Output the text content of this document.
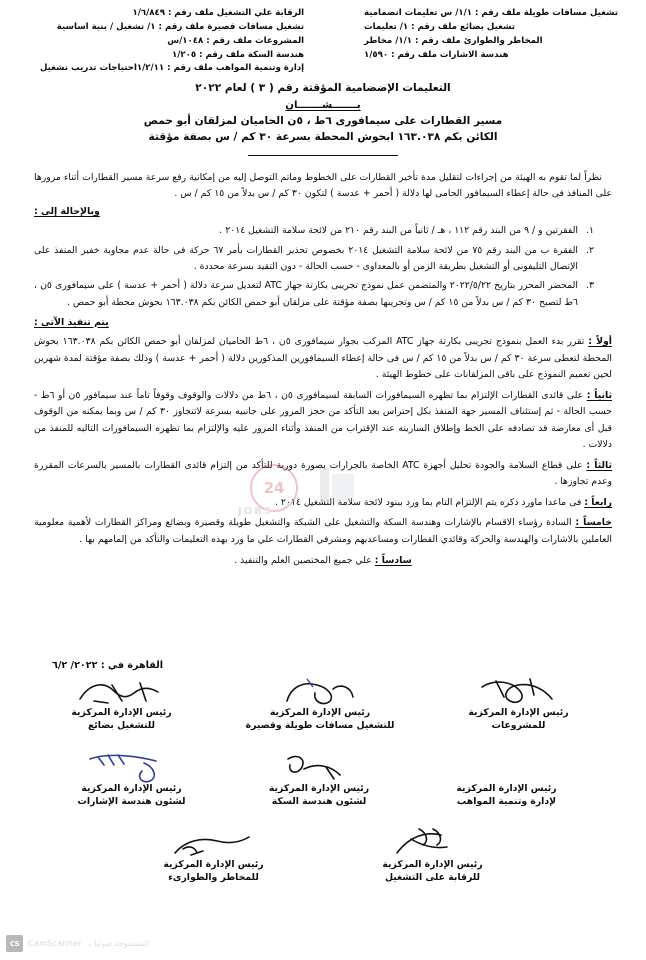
الرقابة علي التشغيل ملف رقم : ١/٦/٨٤٩
تشغيل مسافات قصيرة ملف رقم : ١/ تشغيل / بنية اساسية
المشروعات ملف رقم : ١٠٤٨/س
هندسة السكة ملف رقم : ١/٢٠٥
إدارة وتنمية المواهب ملف رقم : ١/٢/١١احتياجات تدريب تشغيل
تشغيل مسافات طويلة ملف رقم : ١/١/ س تعليمات انضمامية
تشغيل بضائع ملف رقم : ١/ تعليمات
المخاطر والطوارئ ملف رقم : ١/١/ مخاطر
هندسة الاشارات ملف رقم : ١/٥٩٠
التعليمات الإضضامية المؤقتة رقم ( ٣ ) لعام ٢٠٢٢
بـــــــشـــــــان
مسير القطارات على سيمافورى ٦ط ، ٥ن الحاميان لمزلقان أبو حمص
الكائن بكم ١٦٣.٠٣٨ ابحوش المحطة بسرعة ٣٠ كم / س بصفة مؤقتة
نظراً لما تقوم به الهيئة من إجراءات لتقليل مدة تأخير القطارات على الخطوط وماتم التوصل إليه من إمكانية رفع سرعة مسير القطارات أثناء مرورها على المنافذ فى حالة إعطاء السيمافور الحامى لها دلالة ( أحمر + عدسة ) لتكون ٣٠ كم / س بدلاً من ١٥ كم / س .
وبالإحالة إلى :
الفقرتين و / ٩ من البند رقم ١١٢ ، هـ / ثانياً من البند رقم ٢١٠ من لائحة سلامة التشغيل ٢٠١٤ .
الفقرة ب من البند رقم ٧٥ من لائحة سلامة التشغيل ٢٠١٤ بخصوص تحذير القطارات بأمر ٦٧ حركة فى حالة عدم مجاوبة خفير المنفذ على الإتصال التليفونى أو التشغيل بطريقة الزمن أو بالمعداوى - حسب الحالة - دون التقيد بسرعة محددة .
المحضر المحرر بتاريخ ٢٠٢٢/٥/٢٢ والمتضمن عمل نموذج تجريبى بكارتة جهاز ATC لتعديل سرعة دلالة ( أحمر + عدسة ) على سيمافورى ٥ن ، ٦ط لتصبح ٣٠ كم / س بدلاً من ١٥ كم / س وتجريبها بصفة مؤقتة على مزلقان أبو حمص الكائن بكم ١٦٣.٠٣٨ بحوش محطة أبو حمص .
يتم تنفيذ الآتى :
أولاً : تقرر بدء العمل بنموذج تجريبى بكارتة جهاز ATC المركب بجوار سيمافورى ٥ن ، ٦ط الحاميان لمزلقان أبو حمص الكائن بكم ١٦٣.٠٣٨ بحوش المحطة لتعطى سرعة ٣٠ كم / س بدلاً من ١٥ كم / س فى حالة إعطاء السيمافورين المذكورين دلالة ( أحمر + عدسة ) وذلك بصفة مؤقتة لمدة شهرين لحين تعميم النموذج على باقى المزلقانات على خطوط الهيئة .
ثانياً : على قائدى القطارات الإلتزام بما تظهره السيمافورات السابقة لسيمافورى ٥ن ، ٦ط من دلالات والوقوف وقوفاً تاماً عند سيمافور ٥ن أو ٦ط - حسب الحالة - ثم إستئناف المسير جهة المنفذ بكل إحتراس بعد التأكد من حجز المرور على جانبيه بسرعة لاتتجاوز ٣٠ كم / س وبما يمكنه من الوقوف قبل أى معارضة قد تصادفه على الخط وإطلاق السارينه عند الإقتراب من المنفذ وأثناء المرور عليه والإلتزام بما تظهره السيمافورات التاليه للمنفذ من دلالات .
ثالثاً : على قطاع السلامة والجودة تحليل أجهزة ATC الخاصة بالجرارات بصورة دورية للتأكد من إلتزام قائدى القطارات بالمسير بالسرعات المقررة وعدم تجاوزها .
رابعاً : فى ماعدا ماورد ذكره يتم الإلتزام التام بما ورد ببنود لائحة سلامة التشغيل ٢٠١٤ .
خامساً : السادة رؤساء الاقسام بالإشارات وهندسة السكة والتشغيل على الشبكة والتشغيل طويلة وقصيرة وبضائع ومراكز القطارات لأهمية معلومية العاملين بالاشارات والهندسة والحركة وقائدي القطارات ومساعديهم ومشرفي القطارات علي ما ورد بهذه التعليمات والتأكد من إلمامهم بها .
سادساً : علي جميع المختصين العلم والتنفيذ .
24
JOBS
القاهرة في : ٢٠٢٢/ ٦/٢
رئيس الإدارة المركزية
للتشغيل بضائع
رئيس الإدارة المركزية
للتشغيل مسافات طويلة وقصيرة
رئيس الإدارة المركزية
للمشروعات
رئيس الإدارة المركزية
لشئون هندسة الإشارات
رئيس الإدارة المركزية
لشئون هندسة السكة
رئيس الإدارة المركزية
لإدارة وتنمية المواهب
رئيس الإدارة المركزية
للمخاطر والطوارىء
رئيس الإدارة المركزية
للرقابة على التشغيل
CS	CamScanner الممسوحة ضوئيا بـ
